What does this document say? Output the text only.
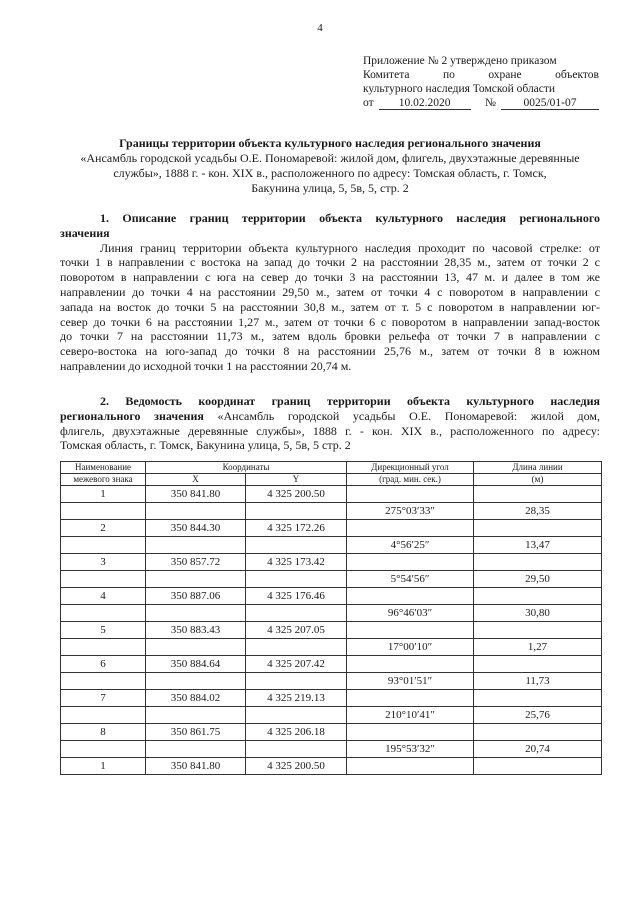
4
Приложение № 2 утверждено приказом
Комитета	по	охране	объектов
культурного наследия Томской области
от	10.02.2020	№	0025/01-07
Границы территории объекта культурного наследия регионального значения
«Ансамбль городской усадьбы О.Е. Пономаревой: жилой дом, флигель, двухэтажные деревянные
службы», 1888 г. - кон. XIX в., расположенного по адресу: Томская область, г. Томск,
Бакунина улица, 5, 5в, 5, стр. 2
1. Описание границ территории объекта культурного наследия регионального
значения
Линия границ территории объекта культурного наследия проходит по часовой стрелке: от
точки 1 в направлении с востока на запад до точки 2 на расстоянии 28,35 м., затем от точки 2 с
поворотом в направлении с юга на север до точки 3 на расстоянии 13, 47 м. и далее в том же
направлении до точки 4 на расстоянии 29,50 м., затем от точки 4 с поворотом в направлении с
запада на восток до точки 5 на расстоянии 30,8 м., затем от т. 5 с поворотом в направлении юг-
север до точки 6 на расстоянии 1,27 м., затем от точки 6 с поворотом в направлении запад-восток
до точки 7 на расстоянии 11,73 м., затем вдоль бровки рельефа от точки 7 в направлении с
северо-востока на юго-запад до точки 8 на расстоянии 25,76 м., затем от точки 8 в южном
направлении до исходной точки 1 на расстоянии 20,74 м.
2. Ведомость координат границ территории объекта культурного наследия
регионального значения «Ансамбль городской усадьбы О.Е. Пономаревой: жилой дом,
флигель, двухэтажные деревянные службы», 1888 г. - кон. XIX в., расположенного по адресу:
Томская область, г. Томск, Бакунина улица, 5, 5в, 5 стр. 2
Наименование	Координаты		Дирекционный угол	Длина линии
межевого знака	X	Y	(град. мин. сек.)	(м)
1	350 841.80	4 325 200.50		
			275°03′33″	28,35
2	350 844.30	4 325 172.26		
			4°56′25″	13,47
3	350 857.72	4 325 173.42		
			5°54′56″	29,50
4	350 887.06	4 325 176.46		
			96°46′03″	30,80
5	350 883.43	4 325 207.05		
			17°00′10″	1,27
6	350 884.64	4 325 207.42		
			93°01′51″	11,73
7	350 884.02	4 325 219.13		
			210°10′41″	25,76
8	350 861.75	4 325 206.18		
			195°53′32″	20,74
1	350 841.80	4 325 200.50		
